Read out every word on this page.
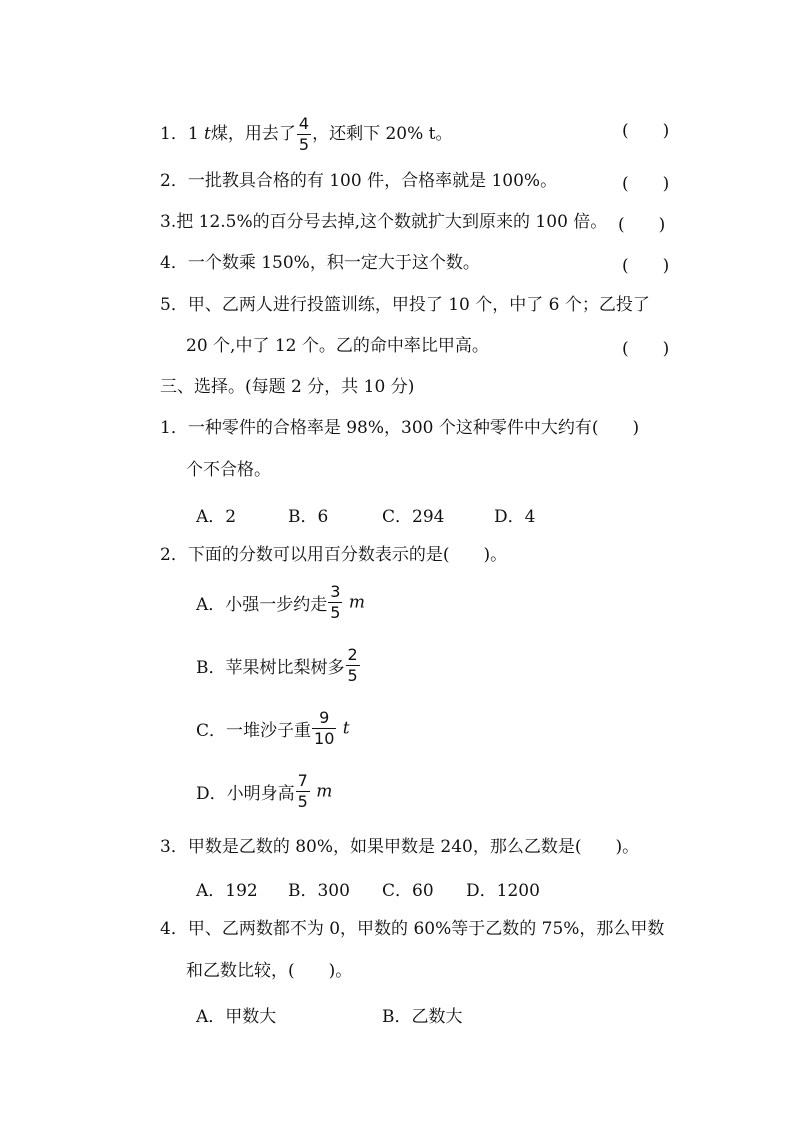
1．1 t煤，用去了 $\frac{4}{5}$ ，还剩下 20% t。	(　　)
2．一批教具合格的有 100 件，合格率就是 100%。	(　　)
3.把 12.5%的百分号去掉,这个数就扩大到原来的 100 倍。 (　　)
4．一个数乘 150%，积一定大于这个数。	(　　)
5．甲、乙两人进行投篮训练，甲投了 10 个，中了 6 个；乙投了
20 个,中了 12 个。乙的命中率比甲高。	(　　)
三、选择。(每题 2 分，共 10 分)
1．一种零件的合格率是 98%，300 个这种零件中大约有(　　)
个不合格。
A．2	B．6	C．294	D．4
2．下面的分数可以用百分数表示的是(　　)。
A．小强一步约走 $\frac{3}{5}$ m
B．苹果树比梨树多 $\frac{2}{5}$
C．一堆沙子重 $\frac{9}{10}$ t
D．小明身高 $\frac{7}{5}$ m
3．甲数是乙数的 80%，如果甲数是 240，那么乙数是(　　)。
A．192 B．300 C．60 D．1200
4．甲、乙两数都不为 0，甲数的 60%等于乙数的 75%，那么甲数
和乙数比较，(　　)。
A．甲数大	B．乙数大
